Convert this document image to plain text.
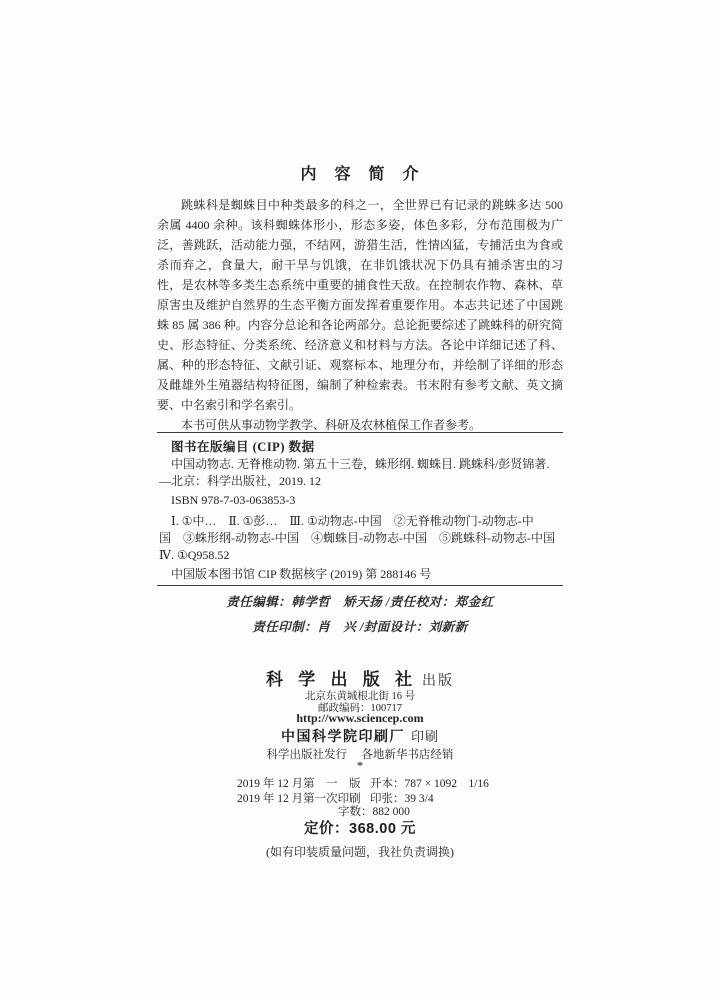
内　容　简　介

跳蛛科是蜘蛛目中种类最多的科之一，全世界已有记录的跳蛛多达 500 余属 4400 余种。该科蜘蛛体形小，形态多姿，体色多彩，分布范围极为广泛，善跳跃，活动能力强，不结网，游猎生活，性情凶猛，专捕活虫为食或杀而弃之，食量大，耐干旱与饥饿，在非饥饿状况下仍具有捕杀害虫的习性，是农林等多类生态系统中重要的捕食性天敌。在控制农作物、森林、草原害虫及维护自然界的生态平衡方面发挥着重要作用。本志共记述了中国跳蛛 85 属 386 种。内容分总论和各论两部分。总论扼要综述了跳蛛科的研究简史、形态特征、分类系统、经济意义和材料与方法。各论中详细记述了科、属、种的形态特征、文献引证、观察标本、地理分布，并绘制了详细的形态及雌雄外生殖器结构特征图，编制了种检索表。书末附有参考文献、英文摘要、中名索引和学名索引。

本书可供从事动物学教学、科研及农林植保工作者参考。

图书在版编目 (CIP) 数据
中国动物志. 无脊椎动物. 第五十三卷，蛛形纲. 蜘蛛目. 跳蛛科/彭贤锦著.
—北京：科学出版社，2019. 12
ISBN 978-7-03-063853-3
Ⅰ. ①中…　Ⅱ. ①彭…　Ⅲ. ①动物志-中国　②无脊椎动物门-动物志-中
国　③蛛形纲-动物志-中国　④蜘蛛目-动物志-中国　⑤跳蛛科-动物志-中国
Ⅳ. ①Q958.52
中国版本图书馆 CIP 数据核字 (2019) 第 288146 号
责任编辑：韩学哲　矫天扬 /责任校对：郑金红
责任印制：肖　兴 /封面设计：刘新新
科 学 出 版 社 出版
北京东黄城根北街 16 号
邮政编码：100717
http://www.sciencep.com
中国科学院印刷厂 印刷
科学出版社发行　 各地新华书店经销
*
2019 年 12 月第　一　版 开本：787 × 1092　1/16
2019 年 12 月第一次印刷 印张：39 3/4
字数：882 000
定价：368.00 元
(如有印装质量问题，我社负责调换)
